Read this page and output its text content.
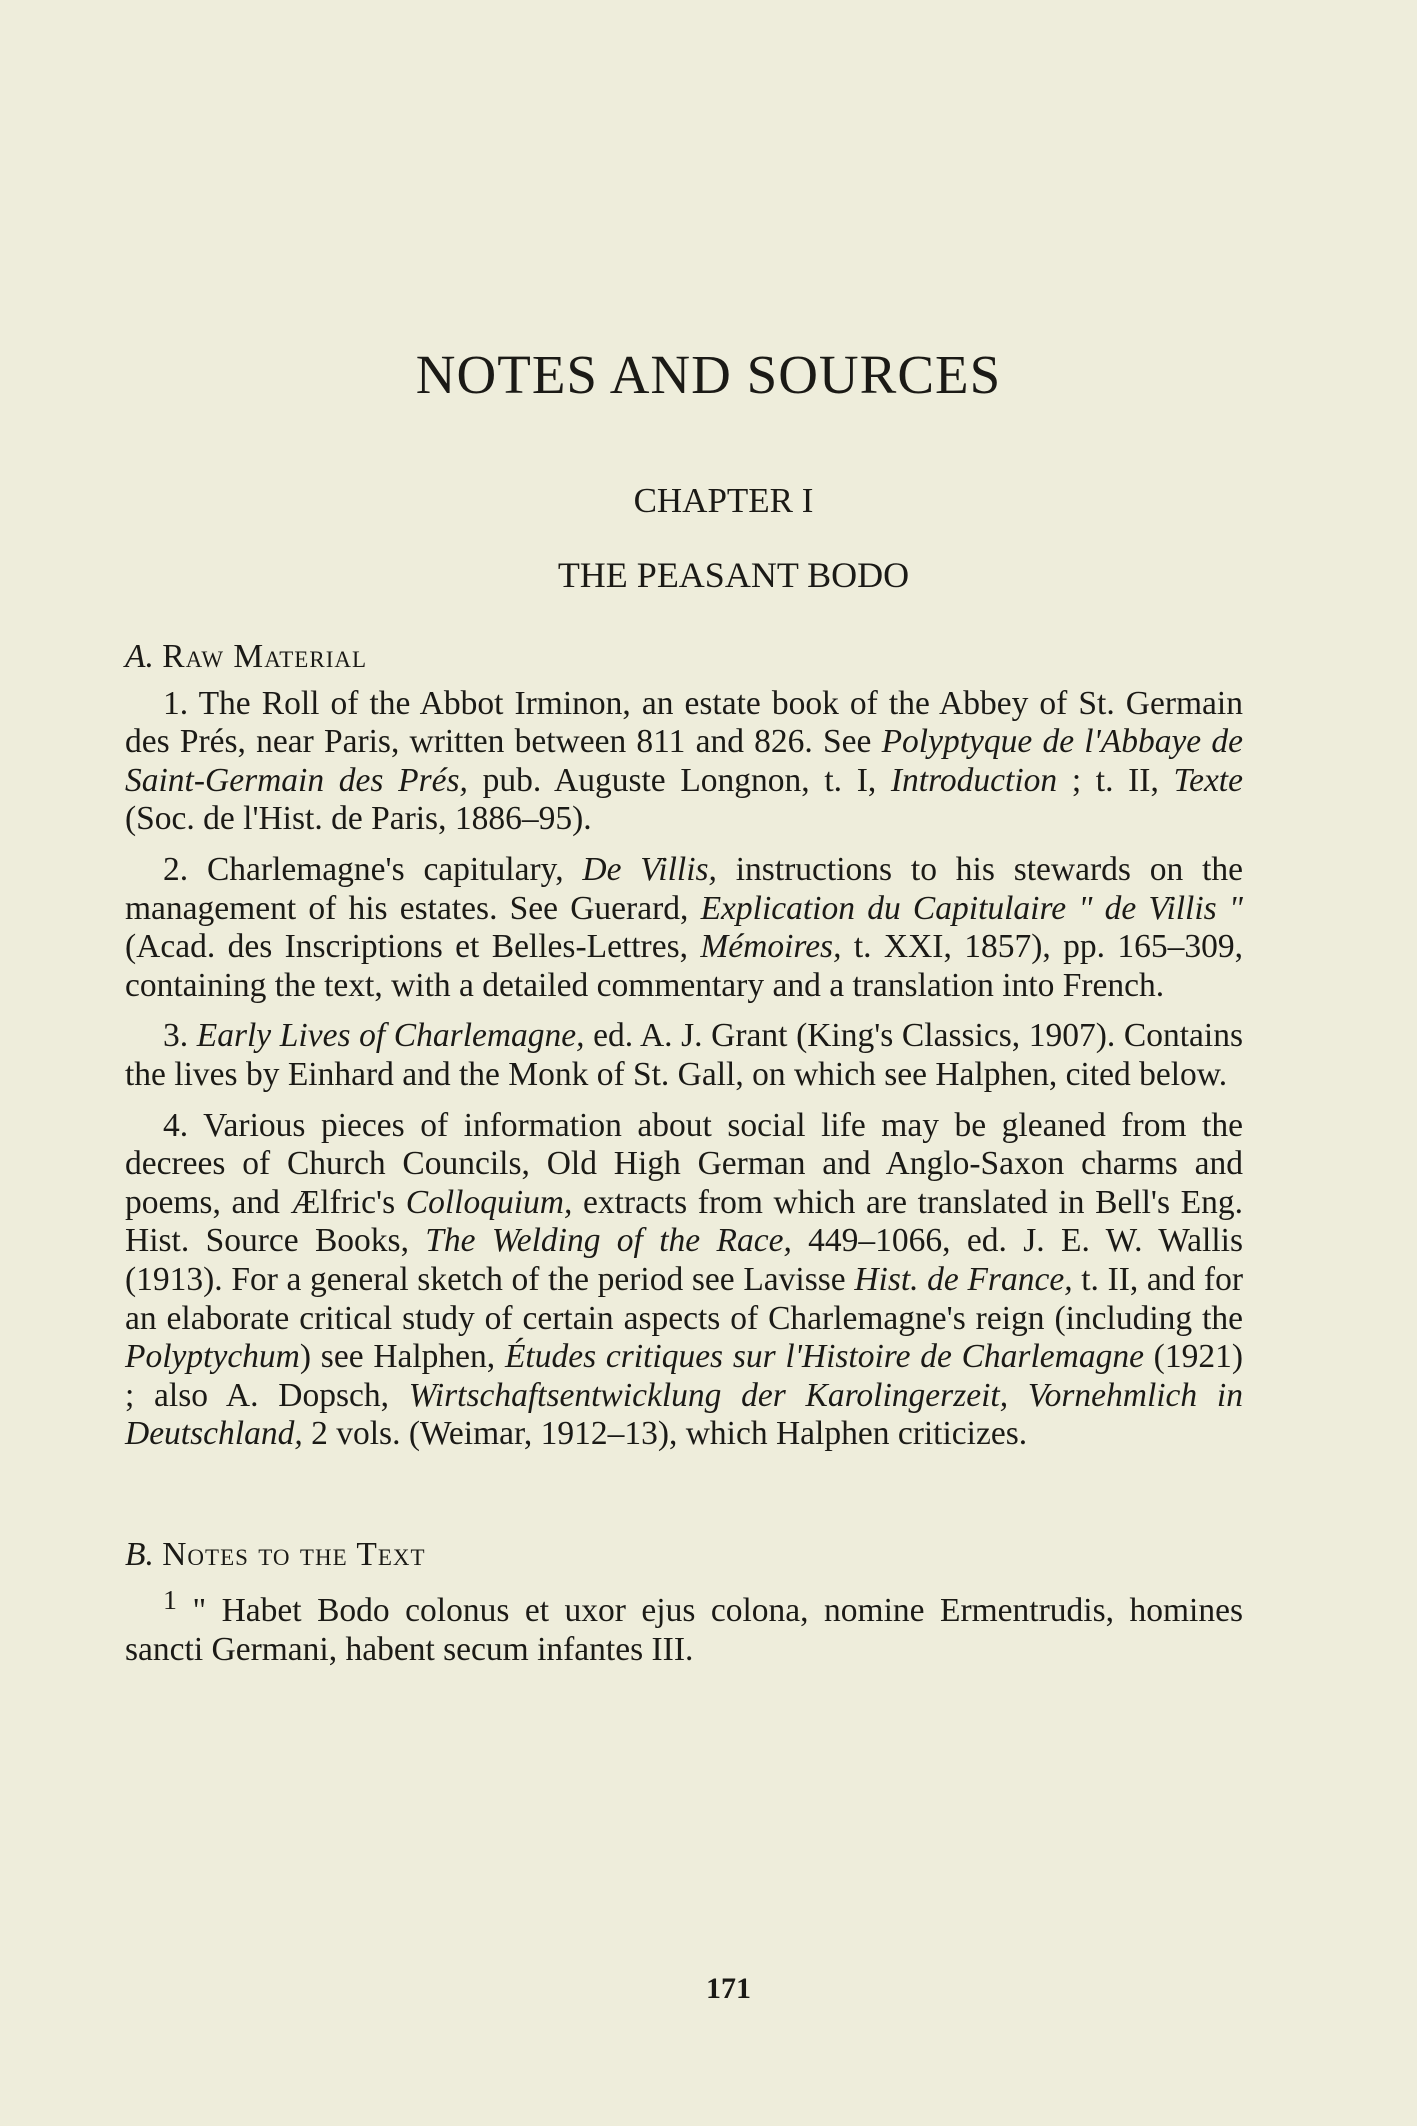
NOTES AND SOURCES
CHAPTER I
THE PEASANT BODO
A. Raw Material

1. The Roll of the Abbot Irminon, an estate book of the Abbey of St. Germain des Prés, near Paris, written between 811 and 826. See Polyptyque de l'Abbaye de Saint-Germain des Prés, pub. Auguste Longnon, t. I, Introduction ; t. II, Texte (Soc. de l'Hist. de Paris, 1886–95).

2. Charlemagne's capitulary, De Villis, instructions to his stewards on the management of his estates. See Guerard, Explication du Capitulaire " de Villis " (Acad. des Inscriptions et Belles-Lettres, Mémoires, t. XXI, 1857), pp. 165–309, containing the text, with a detailed commentary and a translation into French.

3. Early Lives of Charlemagne, ed. A. J. Grant (King's Classics, 1907). Contains the lives by Einhard and the Monk of St. Gall, on which see Halphen, cited below.

4. Various pieces of information about social life may be gleaned from the decrees of Church Councils, Old High German and Anglo-Saxon charms and poems, and Ælfric's Colloquium, extracts from which are translated in Bell's Eng. Hist. Source Books, The Welding of the Race, 449–1066, ed. J. E. W. Wallis (1913). For a general sketch of the period see Lavisse Hist. de France, t. II, and for an elaborate critical study of certain aspects of Charlemagne's reign (including the Polyptychum) see Halphen, Études critiques sur l'Histoire de Charlemagne (1921) ; also A. Dopsch, Wirtschaftsentwicklung der Karolingerzeit, Vornehmlich in Deutschland, 2 vols. (Weimar, 1912–13), which Halphen criticizes.

B. Notes to the Text

$^1$ " Habet Bodo colonus et uxor ejus colona, nomine Ermentrudis, homines sancti Germani, habent secum infantes III.

171
